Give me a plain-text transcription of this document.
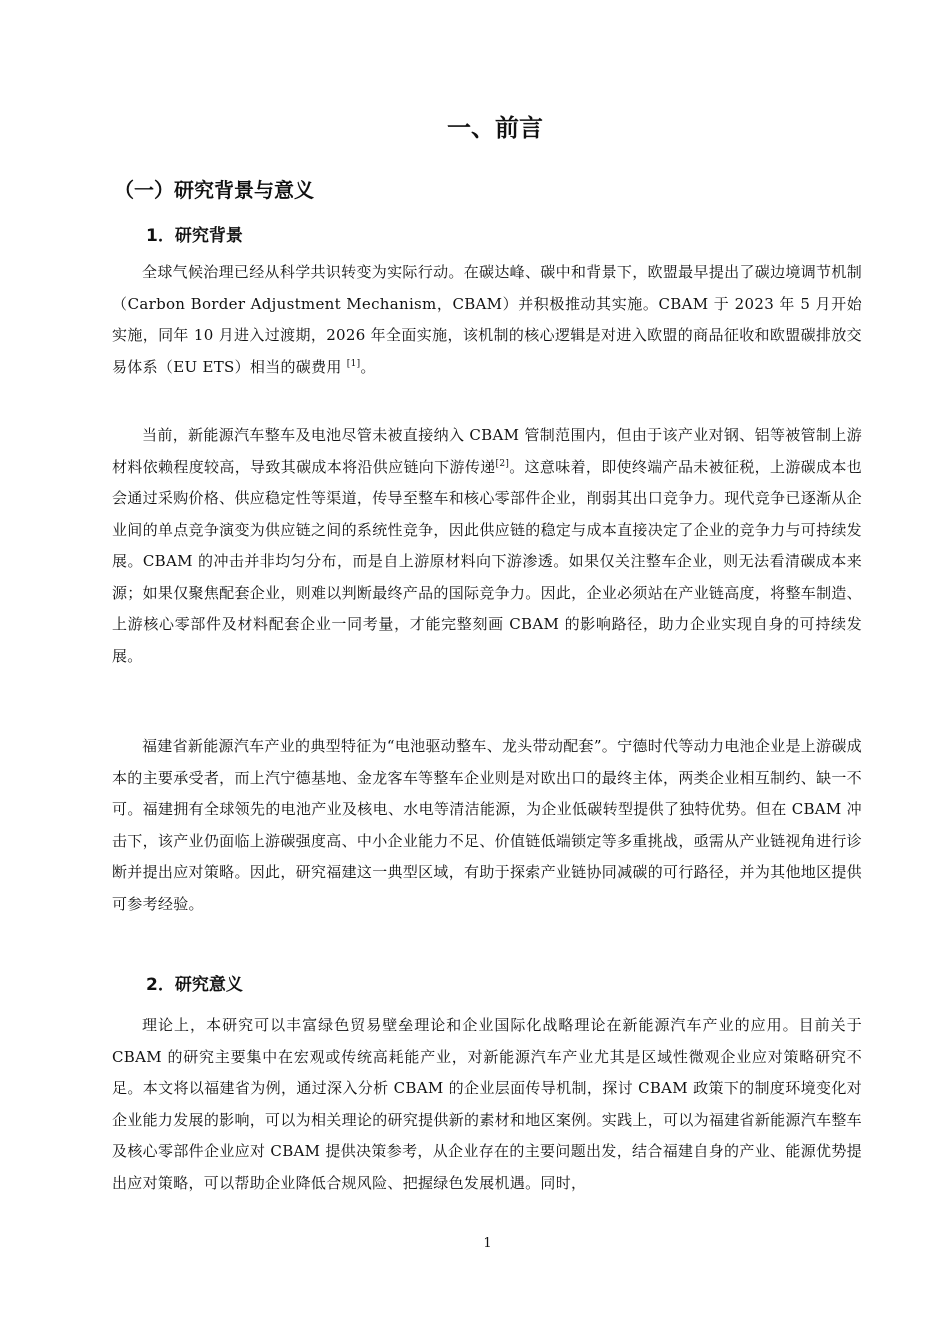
一、前言
（一）研究背景与意义
1．研究背景

全球气候治理已经从科学共识转变为实际行动。在碳达峰、碳中和背景下，欧盟最早提出了碳边境调节机制（Carbon Border Adjustment Mechanism，CBAM）并积极推动其实施。CBAM 于 2023 年 5 月开始实施，同年 10 月进入过渡期，2026 年全面实施，该机制的核心逻辑是对进入欧盟的商品征收和欧盟碳排放交易体系（EU ETS）相当的碳费用 [1]。

当前，新能源汽车整车及电池尽管未被直接纳入 CBAM 管制范围内，但由于该产业对钢、铝等被管制上游材料依赖程度较高，导致其碳成本将沿供应链向下游传递[2]。这意味着，即使终端产品未被征税，上游碳成本也会通过采购价格、供应稳定性等渠道，传导至整车和核心零部件企业，削弱其出口竞争力。现代竞争已逐渐从企业间的单点竞争演变为供应链之间的系统性竞争，因此供应链的稳定与成本直接决定了企业的竞争力与可持续发展。CBAM 的冲击并非均匀分布，而是自上游原材料向下游渗透。如果仅关注整车企业，则无法看清碳成本来源；如果仅聚焦配套企业，则难以判断最终产品的国际竞争力。因此，企业必须站在产业链高度，将整车制造、上游核心零部件及材料配套企业一同考量，才能完整刻画 CBAM 的影响路径，助力企业实现自身的可持续发展。

福建省新能源汽车产业的典型特征为“电池驱动整车、龙头带动配套”。宁德时代等动力电池企业是上游碳成本的主要承受者，而上汽宁德基地、金龙客车等整车企业则是对欧出口的最终主体，两类企业相互制约、缺一不可。福建拥有全球领先的电池产业及核电、水电等清洁能源，为企业低碳转型提供了独特优势。但在 CBAM 冲击下，该产业仍面临上游碳强度高、中小企业能力不足、价值链低端锁定等多重挑战，亟需从产业链视角进行诊断并提出应对策略。因此，研究福建这一典型区域，有助于探索产业链协同减碳的可行路径，并为其他地区提供可参考经验。

2．研究意义

理论上，本研究可以丰富绿色贸易壁垒理论和企业国际化战略理论在新能源汽车产业的应用。目前关于 CBAM 的研究主要集中在宏观或传统高耗能产业，对新能源汽车产业尤其是区域性微观企业应对策略研究不足。本文将以福建省为例，通过深入分析 CBAM 的企业层面传导机制，探讨 CBAM 政策下的制度环境变化对企业能力发展的影响，可以为相关理论的研究提供新的素材和地区案例。实践上，可以为福建省新能源汽车整车及核心零部件企业应对 CBAM 提供决策参考，从企业存在的主要问题出发，结合福建自身的产业、能源优势提出应对策略，可以帮助企业降低合规风险、把握绿色发展机遇。同时，

1
